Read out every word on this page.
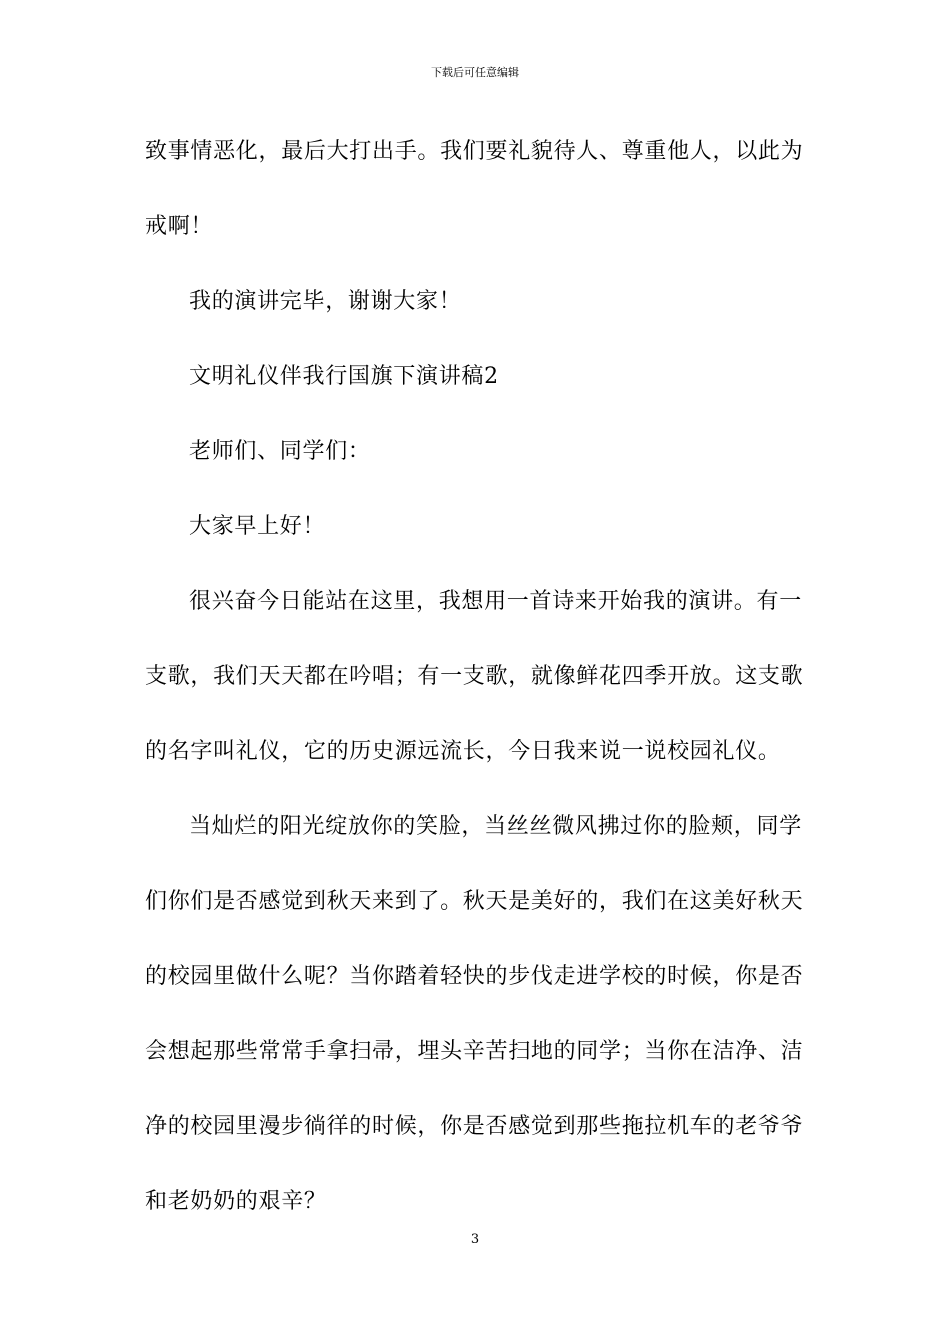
下载后可任意编辑
致事情恶化，最后大打出手。我们要礼貌待人、尊重他人，以此为
戒啊！
我的演讲完毕，谢谢大家！
文明礼仪伴我行国旗下演讲稿2
老师们、同学们：
大家早上好！
很兴奋今日能站在这里，我想用一首诗来开始我的演讲。有一
支歌，我们天天都在吟唱；有一支歌，就像鲜花四季开放。这支歌
的名字叫礼仪，它的历史源远流长，今日我来说一说校园礼仪。
当灿烂的阳光绽放你的笑脸，当丝丝微风拂过你的脸颊，同学
们你们是否感觉到秋天来到了。秋天是美好的，我们在这美好秋天
的校园里做什么呢？当你踏着轻快的步伐走进学校的时候，你是否
会想起那些常常手拿扫帚，埋头辛苦扫地的同学；当你在洁净、洁
净的校园里漫步徜徉的时候，你是否感觉到那些拖拉机车的老爷爷
和老奶奶的艰辛？
3
